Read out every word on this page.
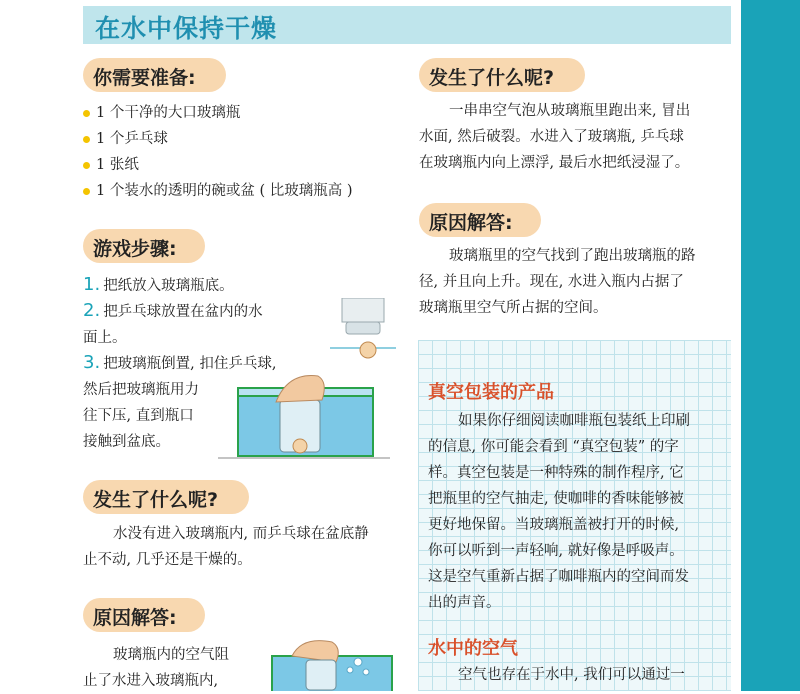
在水中保持干燥
你需要准备:
1 个干净的大口玻璃瓶
1 个乒乓球
1 张纸
1 个装水的透明的碗或盆 ( 比玻璃瓶高 )
游戏步骤:
1. 把纸放入玻璃瓶底。
2. 把乒乓球放置在盆内的水
面上。
3. 把玻璃瓶倒置, 扣住乒乓球,
然后把玻璃瓶用力
往下压, 直到瓶口
接触到盆底。
发生了什么呢?
水没有进入玻璃瓶内, 而乒乓球在盆底静
止不动, 几乎还是干燥的。
原因解答:
玻璃瓶内的空气阻
止了水进入玻璃瓶内,
发生了什么呢?
一串串空气泡从玻璃瓶里跑出来, 冒出
水面, 然后破裂。水进入了玻璃瓶, 乒乓球
在玻璃瓶内向上漂浮, 最后水把纸浸湿了。
原因解答:
玻璃瓶里的空气找到了跑出玻璃瓶的路
径, 并且向上升。现在, 水进入瓶内占据了
玻璃瓶里空气所占据的空间。
真空包装的产品
如果你仔细阅读咖啡瓶包装纸上印刷
的信息, 你可能会看到 “真空包装” 的字
样。真空包装是一种特殊的制作程序, 它
把瓶里的空气抽走, 使咖啡的香味能够被
更好地保留。当玻璃瓶盖被打开的时候,
你可以听到一声轻响, 就好像是呼吸声。
这是空气重新占据了咖啡瓶内的空间而发
出的声音。
水中的空气
空气也存在于水中, 我们可以通过一
